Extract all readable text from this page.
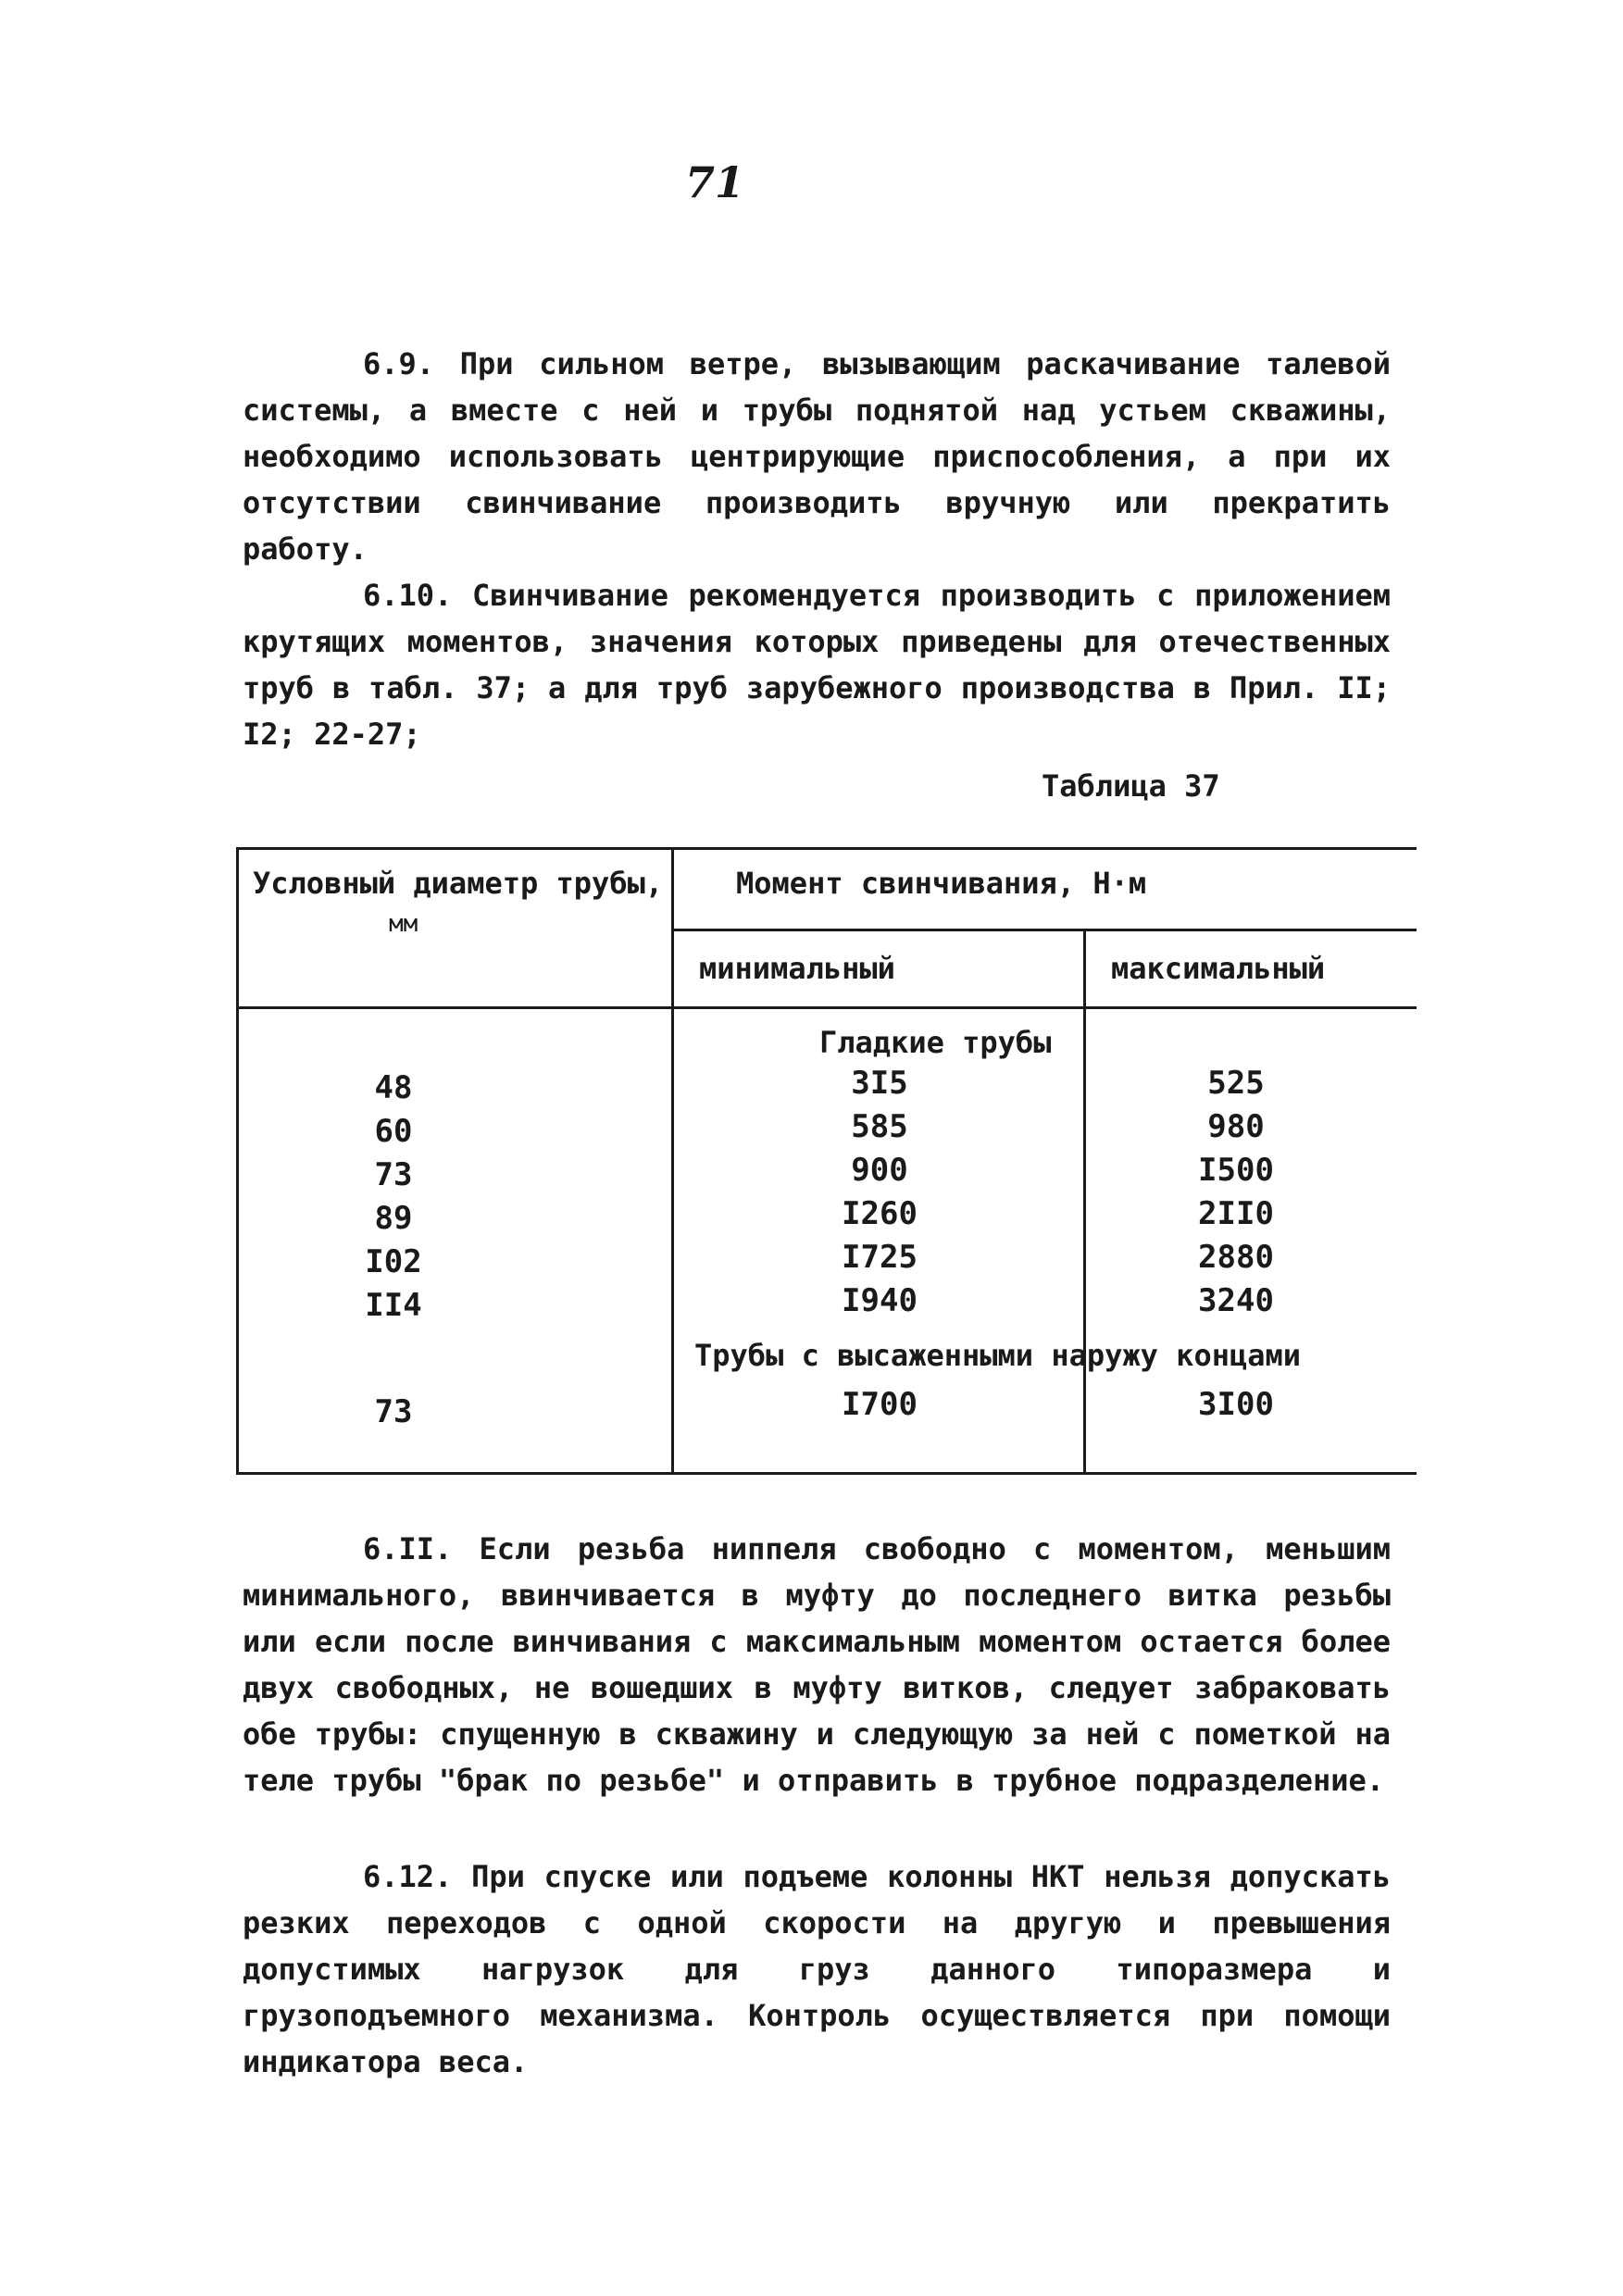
71

6.9. При сильном ветре, вызывающим раскачивание талевой системы, а вместе с ней и трубы поднятой над устьем скважины, необходимо использовать центрирующие приспособления, а при их отсутствии свинчивание производить вручную или прекратить работу.

6.10. Свинчивание рекомендуется производить с приложением крутящих моментов, значения которых приведены для отечественных труб в табл. 37; а для труб зарубежного производства в Прил. II; I2; 22-27;

Таблица 37
Условный диаметр трубы,
мм
Момент свинчивания, Н·м
минимальный	максимальный
Гладкие трубы
48	3I5	525
60	585	980
73	900	I500
89	I260	2II0
I02	I725	2880
II4	I940	3240
Трубы с высаженными наружу концами
73	I700	3I00

6.II. Если резьба ниппеля свободно с моментом, меньшим минимального, ввинчивается в муфту до последнего витка резьбы или если после винчивания с максимальным моментом остается более двух свободных, не вошедших в муфту витков, следует забраковать обе трубы: спущенную в скважину и следующую за ней с пометкой на теле трубы "брак по резьбе" и отправить в трубное подразделение.

6.12. При спуске или подъеме колонны НКТ нельзя допускать резких переходов с одной скорости на другую и превышения допустимых нагрузок для груз данного типоразмера и грузоподъемного механизма. Контроль осуществляется при помощи индикатора веса.
